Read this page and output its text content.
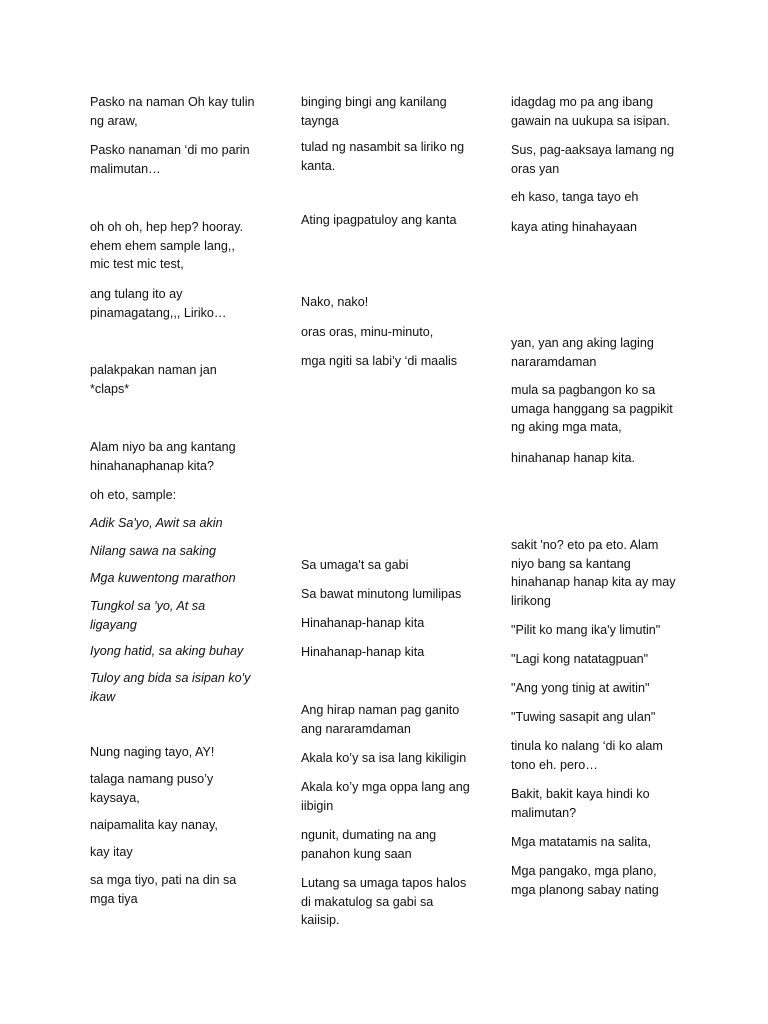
Pasko na naman Oh kay tulin
ng araw,

Pasko nanaman ‘di mo parin
malimutan…

oh oh oh, hep hep? hooray.
ehem ehem sample lang,,
mic test mic test,

ang tulang ito ay
pinamagatang,,, Liriko…

palakpakan naman jan
*claps*

Alam niyo ba ang kantang
hinahanaphanap kita?

oh eto, sample:

Adik Sa'yo, Awit sa akin

Nilang sawa na saking

Mga kuwentong marathon

Tungkol sa 'yo, At sa
ligayang

Iyong hatid, sa aking buhay

Tuloy ang bida sa isipan ko'y
ikaw

Nung naging tayo, AY!

talaga namang puso’y
kaysaya,

naipamalita kay nanay,

kay itay

sa mga tiyo, pati na din sa
mga tiya

binging bingi ang kanilang
taynga

tulad ng nasambit sa liriko ng
kanta.

Ating ipagpatuloy ang kanta

Nako, nako!

oras oras, minu-minuto,

mga ngiti sa labi’y ‘di maalis

Sa umaga't sa gabi

Sa bawat minutong lumilipas

Hinahanap-hanap kita

Hinahanap-hanap kita

Ang hirap naman pag ganito
ang nararamdaman

Akala ko’y sa isa lang kikiligin

Akala ko’y mga oppa lang ang
iibigin

ngunit, dumating na ang
panahon kung saan

Lutang sa umaga tapos halos
di makatulog sa gabi sa
kaiisip.

idagdag mo pa ang ibang
gawain na uukupa sa isipan.

Sus, pag-aaksaya lamang ng
oras yan

eh kaso, tanga tayo eh

kaya ating hinahayaan

yan, yan ang aking laging
nararamdaman

mula sa pagbangon ko sa
umaga hanggang sa pagpikit
ng aking mga mata,

hinahanap hanap kita.

sakit 'no? eto pa eto. Alam
niyo bang sa kantang
hinahanap hanap kita ay may
lirikong

"Pilit ko mang ika'y limutin"

"Lagi kong natatagpuan"

"Ang yong tinig at awitin"

"Tuwing sasapit ang ulan"

tinula ko nalang ‘di ko alam
tono eh. pero…

Bakit, bakit kaya hindi ko
malimutan?

Mga matatamis na salita,

Mga pangako, mga plano,
mga planong sabay nating
